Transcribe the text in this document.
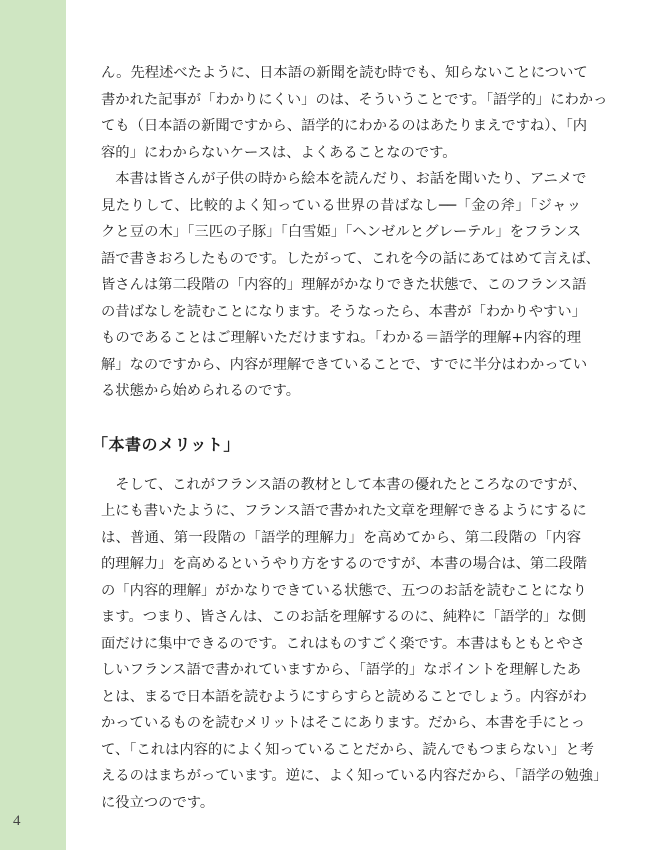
ん。先程述べたように、日本語の新聞を読む時でも、知らないことについて
書かれた記事が「わかりにくい」のは、そういうことです。「語学的」にわかっ
ても（日本語の新聞ですから、語学的にわかるのはあたりまえですね）、「内
容的」にわからないケースは、よくあることなのです。

　本書は皆さんが子供の時から絵本を読んだり、お話を聞いたり、アニメで
見たりして、比較的よく知っている世界の昔ばなし──「金の斧」「ジャッ
クと豆の木」「三匹の子豚」「白雪姫」「ヘンゼルとグレーテル」をフランス
語で書きおろしたものです。したがって、これを今の話にあてはめて言えば、
皆さんは第二段階の「内容的」理解がかなりできた状態で、このフランス語
の昔ばなしを読むことになります。そうなったら、本書が「わかりやすい」
ものであることはご理解いただけますね。「わかる＝語学的理解+内容的理
解」なのですから、内容が理解できていることで、すでに半分はわかってい
る状態から始められるのです。

「本書のメリット」

　そして、これがフランス語の教材として本書の優れたところなのですが、
上にも書いたように、フランス語で書かれた文章を理解できるようにするに
は、普通、第一段階の「語学的理解力」を高めてから、第二段階の「内容
的理解力」を高めるというやり方をするのですが、本書の場合は、第二段階
の「内容的理解」がかなりできている状態で、五つのお話を読むことになり
ます。つまり、皆さんは、このお話を理解するのに、純粋に「語学的」な側
面だけに集中できるのです。これはものすごく楽です。本書はもともとやさ
しいフランス語で書かれていますから、「語学的」なポイントを理解したあ
とは、まるで日本語を読むようにすらすらと読めることでしょう。内容がわ
かっているものを読むメリットはそこにあります。だから、本書を手にとっ
て、「これは内容的によく知っていることだから、読んでもつまらない」と考
えるのはまちがっています。逆に、よく知っている内容だから、「語学の勉強」
に役立つのです。

4
